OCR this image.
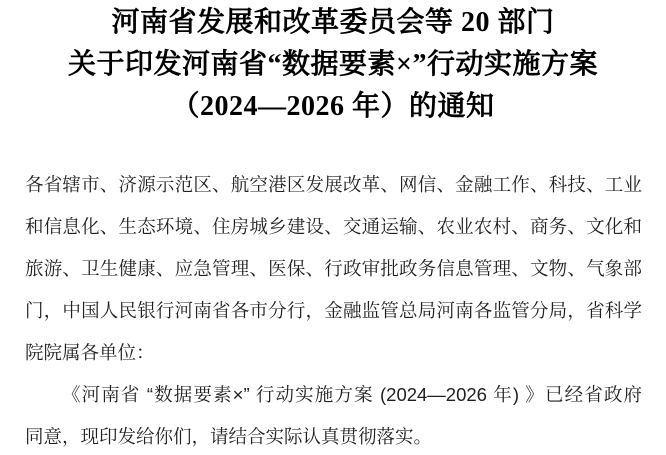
河南省发展和改革委员会等 20 部门
关于印发河南省“数据要素×”行动实施方案
（2024—2026 年）的通知
各省辖市、济源示范区、航空港区发展改革、网信、金融工作、科技、工业
和信息化、生态环境、住房城乡建设、交通运输、农业农村、商务、文化和
旅游、卫生健康、应急管理、医保、行政审批政务信息管理、文物、气象部
门，中国人民银行河南省各市分行，金融监管总局河南各监管分局，省科学
院院属各单位：
《河南省 “数据要素×” 行动实施方案 (2024—2026 年) 》已经省政府
同意，现印发给你们，请结合实际认真贯彻落实。
